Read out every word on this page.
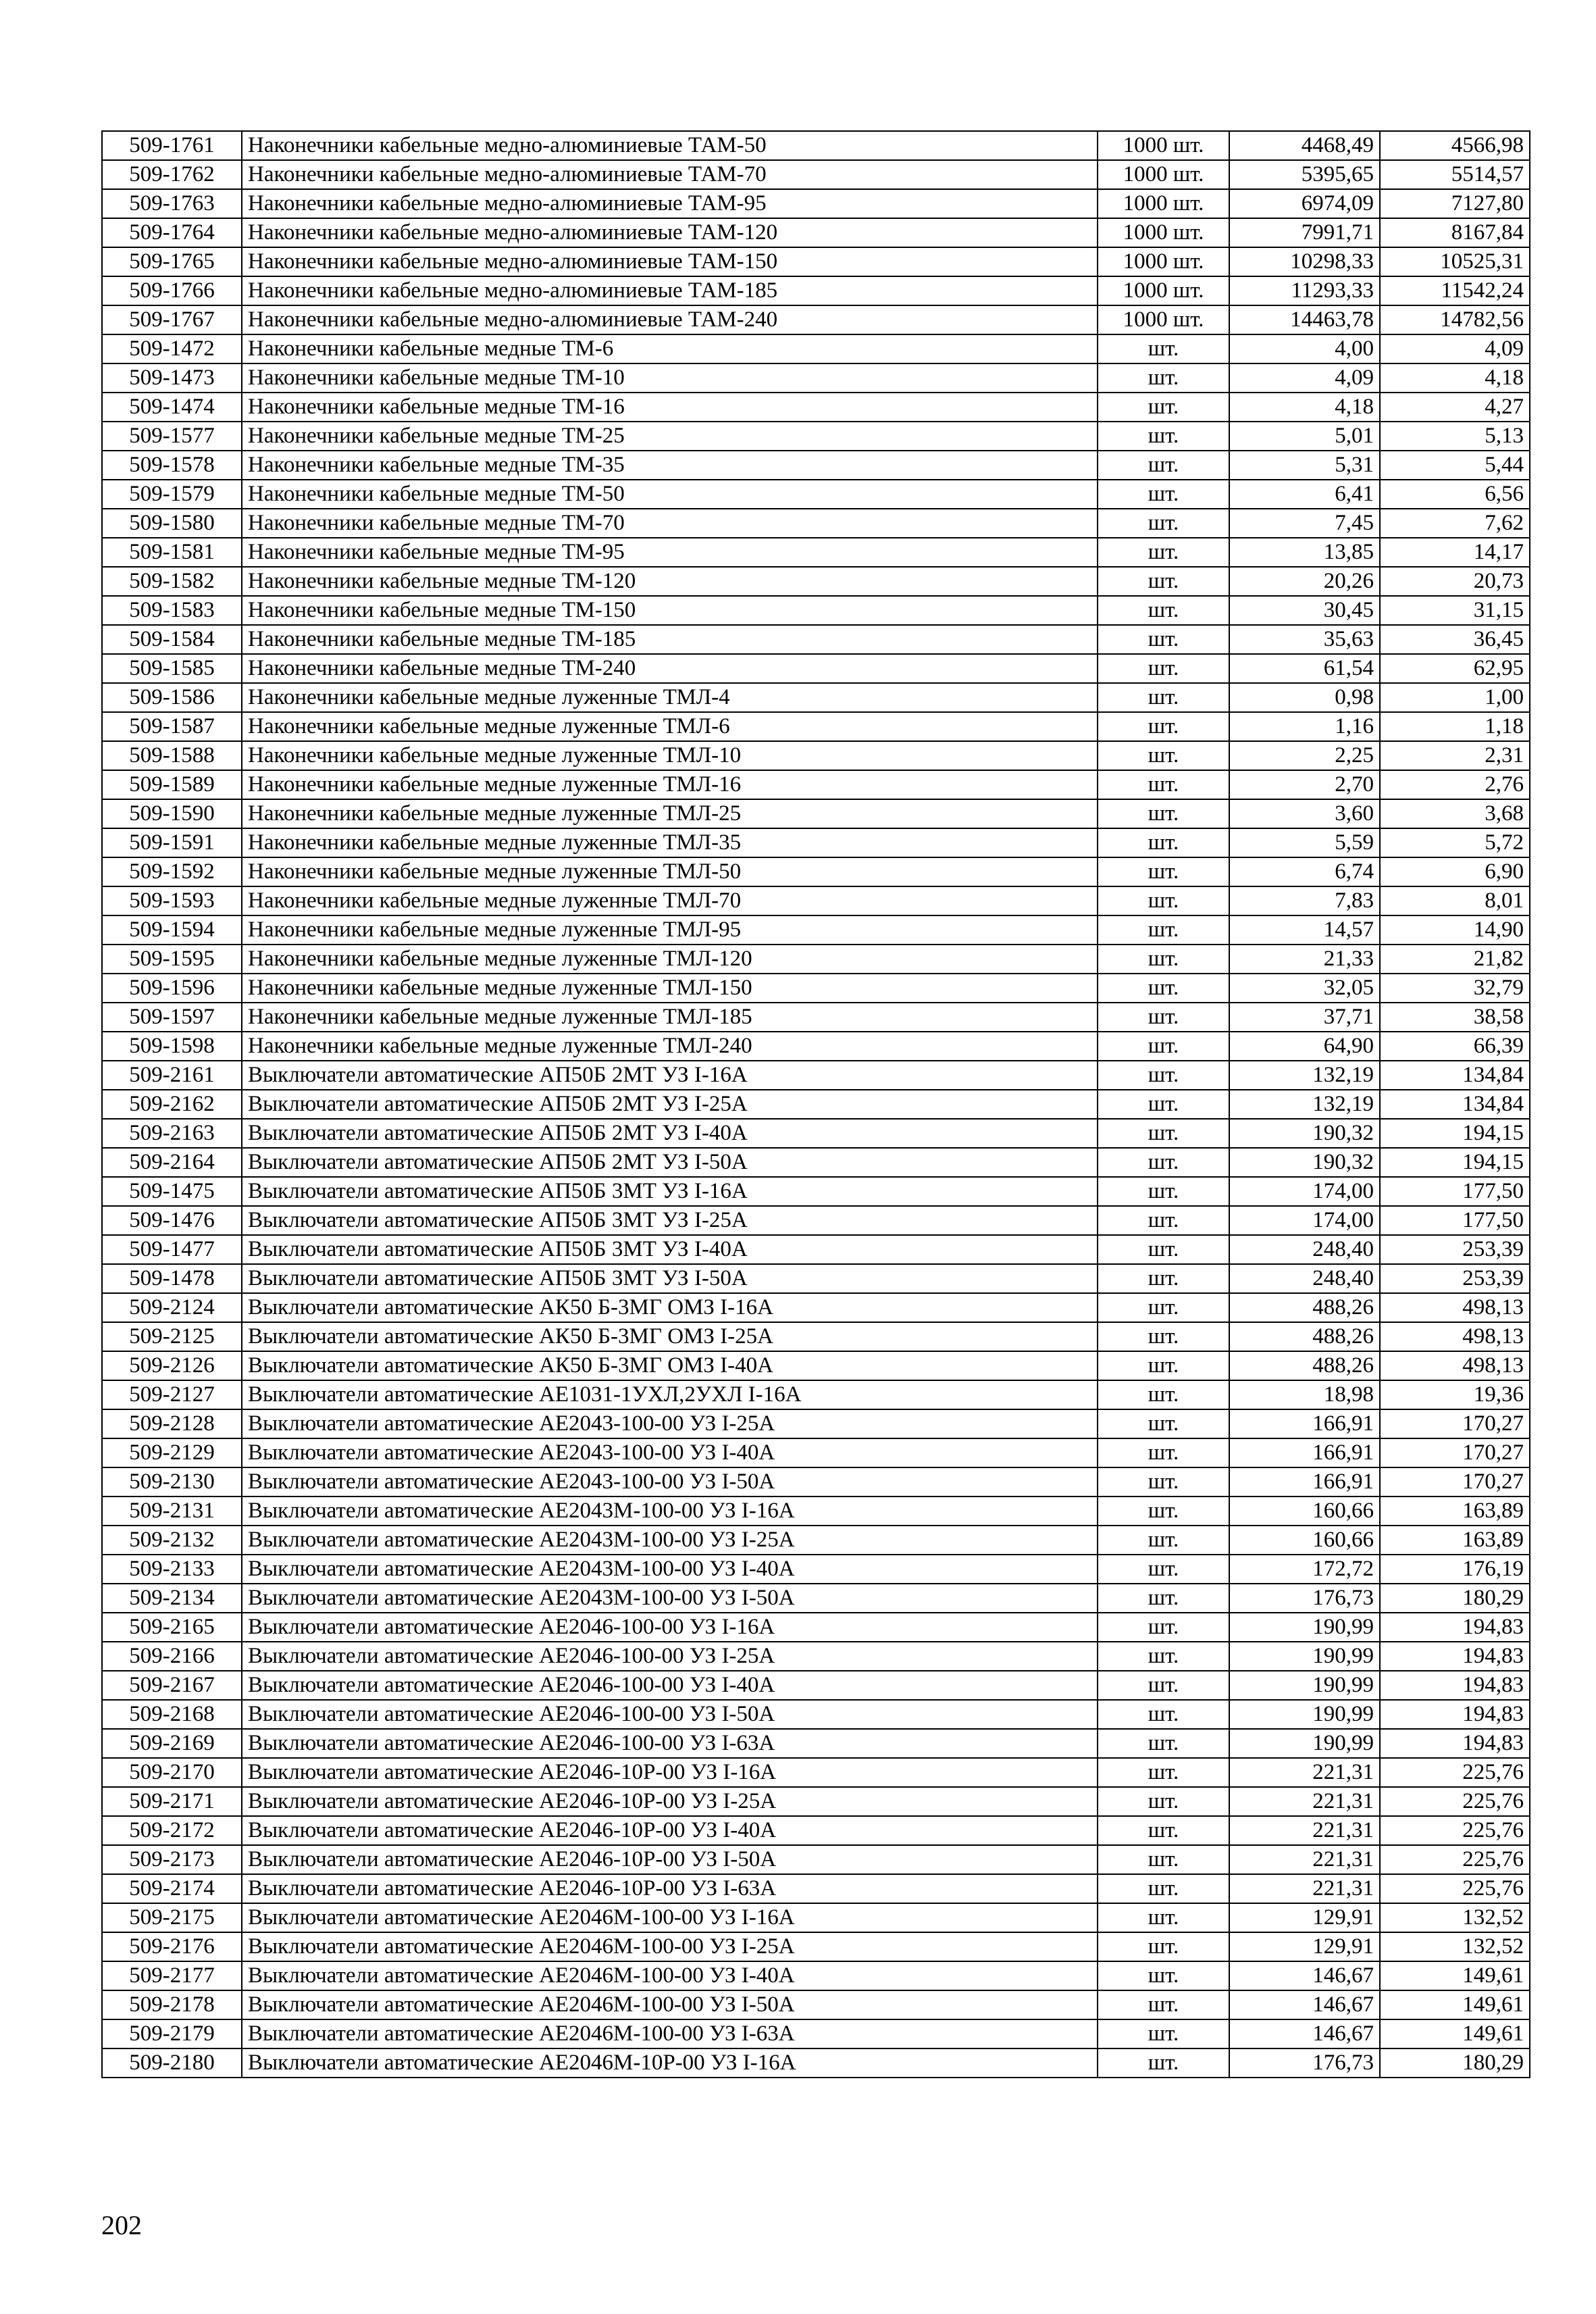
509-1761	Наконечники кабельные медно-алюминиевые ТАМ-50	1000 шт.	4468,49	4566,98
509-1762	Наконечники кабельные медно-алюминиевые ТАМ-70	1000 шт.	5395,65	5514,57
509-1763	Наконечники кабельные медно-алюминиевые ТАМ-95	1000 шт.	6974,09	7127,80
509-1764	Наконечники кабельные медно-алюминиевые ТАМ-120	1000 шт.	7991,71	8167,84
509-1765	Наконечники кабельные медно-алюминиевые ТАМ-150	1000 шт.	10298,33	10525,31
509-1766	Наконечники кабельные медно-алюминиевые ТАМ-185	1000 шт.	11293,33	11542,24
509-1767	Наконечники кабельные медно-алюминиевые ТАМ-240	1000 шт.	14463,78	14782,56
509-1472	Наконечники кабельные медные ТМ-6	шт.	4,00	4,09
509-1473	Наконечники кабельные медные ТМ-10	шт.	4,09	4,18
509-1474	Наконечники кабельные медные ТМ-16	шт.	4,18	4,27
509-1577	Наконечники кабельные медные ТМ-25	шт.	5,01	5,13
509-1578	Наконечники кабельные медные ТМ-35	шт.	5,31	5,44
509-1579	Наконечники кабельные медные ТМ-50	шт.	6,41	6,56
509-1580	Наконечники кабельные медные ТМ-70	шт.	7,45	7,62
509-1581	Наконечники кабельные медные ТМ-95	шт.	13,85	14,17
509-1582	Наконечники кабельные медные ТМ-120	шт.	20,26	20,73
509-1583	Наконечники кабельные медные ТМ-150	шт.	30,45	31,15
509-1584	Наконечники кабельные медные ТМ-185	шт.	35,63	36,45
509-1585	Наконечники кабельные медные ТМ-240	шт.	61,54	62,95
509-1586	Наконечники кабельные медные луженные ТМЛ-4	шт.	0,98	1,00
509-1587	Наконечники кабельные медные луженные ТМЛ-6	шт.	1,16	1,18
509-1588	Наконечники кабельные медные луженные ТМЛ-10	шт.	2,25	2,31
509-1589	Наконечники кабельные медные луженные ТМЛ-16	шт.	2,70	2,76
509-1590	Наконечники кабельные медные луженные ТМЛ-25	шт.	3,60	3,68
509-1591	Наконечники кабельные медные луженные ТМЛ-35	шт.	5,59	5,72
509-1592	Наконечники кабельные медные луженные ТМЛ-50	шт.	6,74	6,90
509-1593	Наконечники кабельные медные луженные ТМЛ-70	шт.	7,83	8,01
509-1594	Наконечники кабельные медные луженные ТМЛ-95	шт.	14,57	14,90
509-1595	Наконечники кабельные медные луженные ТМЛ-120	шт.	21,33	21,82
509-1596	Наконечники кабельные медные луженные ТМЛ-150	шт.	32,05	32,79
509-1597	Наконечники кабельные медные луженные ТМЛ-185	шт.	37,71	38,58
509-1598	Наконечники кабельные медные луженные ТМЛ-240	шт.	64,90	66,39
509-2161	Выключатели автоматические АП50Б 2МТ УЗ I-16А	шт.	132,19	134,84
509-2162	Выключатели автоматические АП50Б 2МТ УЗ I-25А	шт.	132,19	134,84
509-2163	Выключатели автоматические АП50Б 2МТ УЗ I-40А	шт.	190,32	194,15
509-2164	Выключатели автоматические АП50Б 2МТ УЗ I-50А	шт.	190,32	194,15
509-1475	Выключатели автоматические АП50Б 3МТ УЗ I-16А	шт.	174,00	177,50
509-1476	Выключатели автоматические АП50Б 3МТ УЗ I-25А	шт.	174,00	177,50
509-1477	Выключатели автоматические АП50Б 3МТ УЗ I-40А	шт.	248,40	253,39
509-1478	Выключатели автоматические АП50Б 3МТ УЗ I-50А	шт.	248,40	253,39
509-2124	Выключатели автоматические АК50 Б-3МГ ОМЗ I-16А	шт.	488,26	498,13
509-2125	Выключатели автоматические АК50 Б-3МГ ОМЗ I-25А	шт.	488,26	498,13
509-2126	Выключатели автоматические АК50 Б-3МГ ОМЗ I-40А	шт.	488,26	498,13
509-2127	Выключатели автоматические АЕ1031-1УХЛ,2УХЛ I-16А	шт.	18,98	19,36
509-2128	Выключатели автоматические АЕ2043-100-00 УЗ I-25А	шт.	166,91	170,27
509-2129	Выключатели автоматические АЕ2043-100-00 УЗ I-40А	шт.	166,91	170,27
509-2130	Выключатели автоматические АЕ2043-100-00 УЗ I-50А	шт.	166,91	170,27
509-2131	Выключатели автоматические АЕ2043М-100-00 УЗ I-16А	шт.	160,66	163,89
509-2132	Выключатели автоматические АЕ2043М-100-00 УЗ I-25А	шт.	160,66	163,89
509-2133	Выключатели автоматические АЕ2043М-100-00 УЗ I-40А	шт.	172,72	176,19
509-2134	Выключатели автоматические АЕ2043М-100-00 УЗ I-50А	шт.	176,73	180,29
509-2165	Выключатели автоматические АЕ2046-100-00 УЗ I-16А	шт.	190,99	194,83
509-2166	Выключатели автоматические АЕ2046-100-00 УЗ I-25А	шт.	190,99	194,83
509-2167	Выключатели автоматические АЕ2046-100-00 УЗ I-40А	шт.	190,99	194,83
509-2168	Выключатели автоматические АЕ2046-100-00 УЗ I-50А	шт.	190,99	194,83
509-2169	Выключатели автоматические АЕ2046-100-00 УЗ I-63А	шт.	190,99	194,83
509-2170	Выключатели автоматические АЕ2046-10Р-00 УЗ I-16А	шт.	221,31	225,76
509-2171	Выключатели автоматические АЕ2046-10Р-00 УЗ I-25А	шт.	221,31	225,76
509-2172	Выключатели автоматические АЕ2046-10Р-00 УЗ I-40А	шт.	221,31	225,76
509-2173	Выключатели автоматические АЕ2046-10Р-00 УЗ I-50А	шт.	221,31	225,76
509-2174	Выключатели автоматические АЕ2046-10Р-00 УЗ I-63А	шт.	221,31	225,76
509-2175	Выключатели автоматические АЕ2046М-100-00 УЗ I-16А	шт.	129,91	132,52
509-2176	Выключатели автоматические АЕ2046М-100-00 УЗ I-25А	шт.	129,91	132,52
509-2177	Выключатели автоматические АЕ2046М-100-00 УЗ I-40А	шт.	146,67	149,61
509-2178	Выключатели автоматические АЕ2046М-100-00 УЗ I-50А	шт.	146,67	149,61
509-2179	Выключатели автоматические АЕ2046М-100-00 УЗ I-63А	шт.	146,67	149,61
509-2180	Выключатели автоматические АЕ2046М-10Р-00 УЗ I-16А	шт.	176,73	180,29
202
